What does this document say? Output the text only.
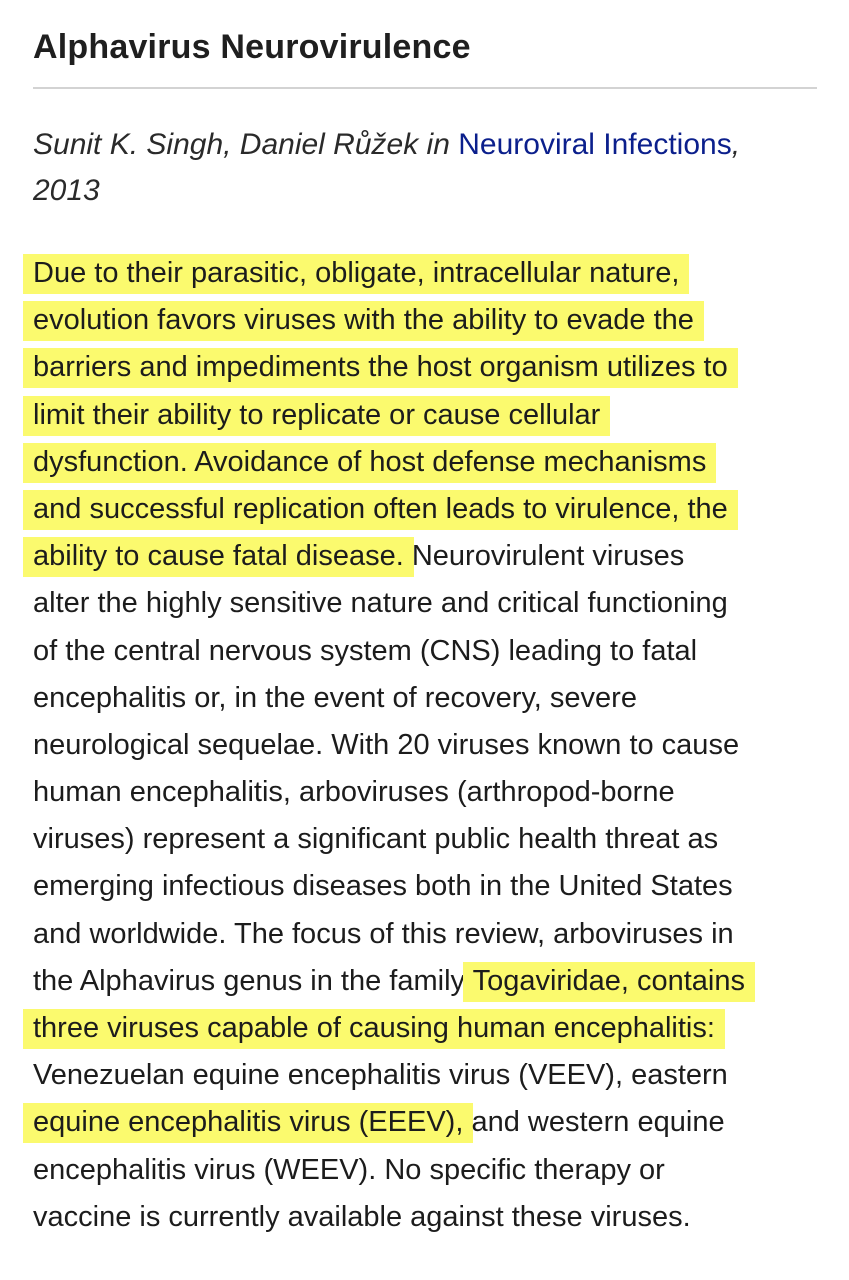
Alphavirus Neurovirulence
Sunit K. Singh, Daniel Růžek in Neuroviral Infections,
2013
Due to their parasitic, obligate, intracellular nature,
evolution favors viruses with the ability to evade the
barriers and impediments the host organism utilizes to
limit their ability to replicate or cause cellular
dysfunction. Avoidance of host defense mechanisms
and successful replication often leads to virulence, the
ability to cause fatal disease. Neurovirulent viruses
alter the highly sensitive nature and critical functioning
of the central nervous system (CNS) leading to fatal
encephalitis or, in the event of recovery, severe
neurological sequelae. With 20 viruses known to cause
human encephalitis, arboviruses (arthropod-borne
viruses) represent a significant public health threat as
emerging infectious diseases both in the United States
and worldwide. The focus of this review, arboviruses in
the Alphavirus genus in the family Togaviridae, contains
three viruses capable of causing human encephalitis:
Venezuelan equine encephalitis virus (VEEV), eastern
equine encephalitis virus (EEEV), and western equine
encephalitis virus (WEEV). No specific therapy or
vaccine is currently available against these viruses.
